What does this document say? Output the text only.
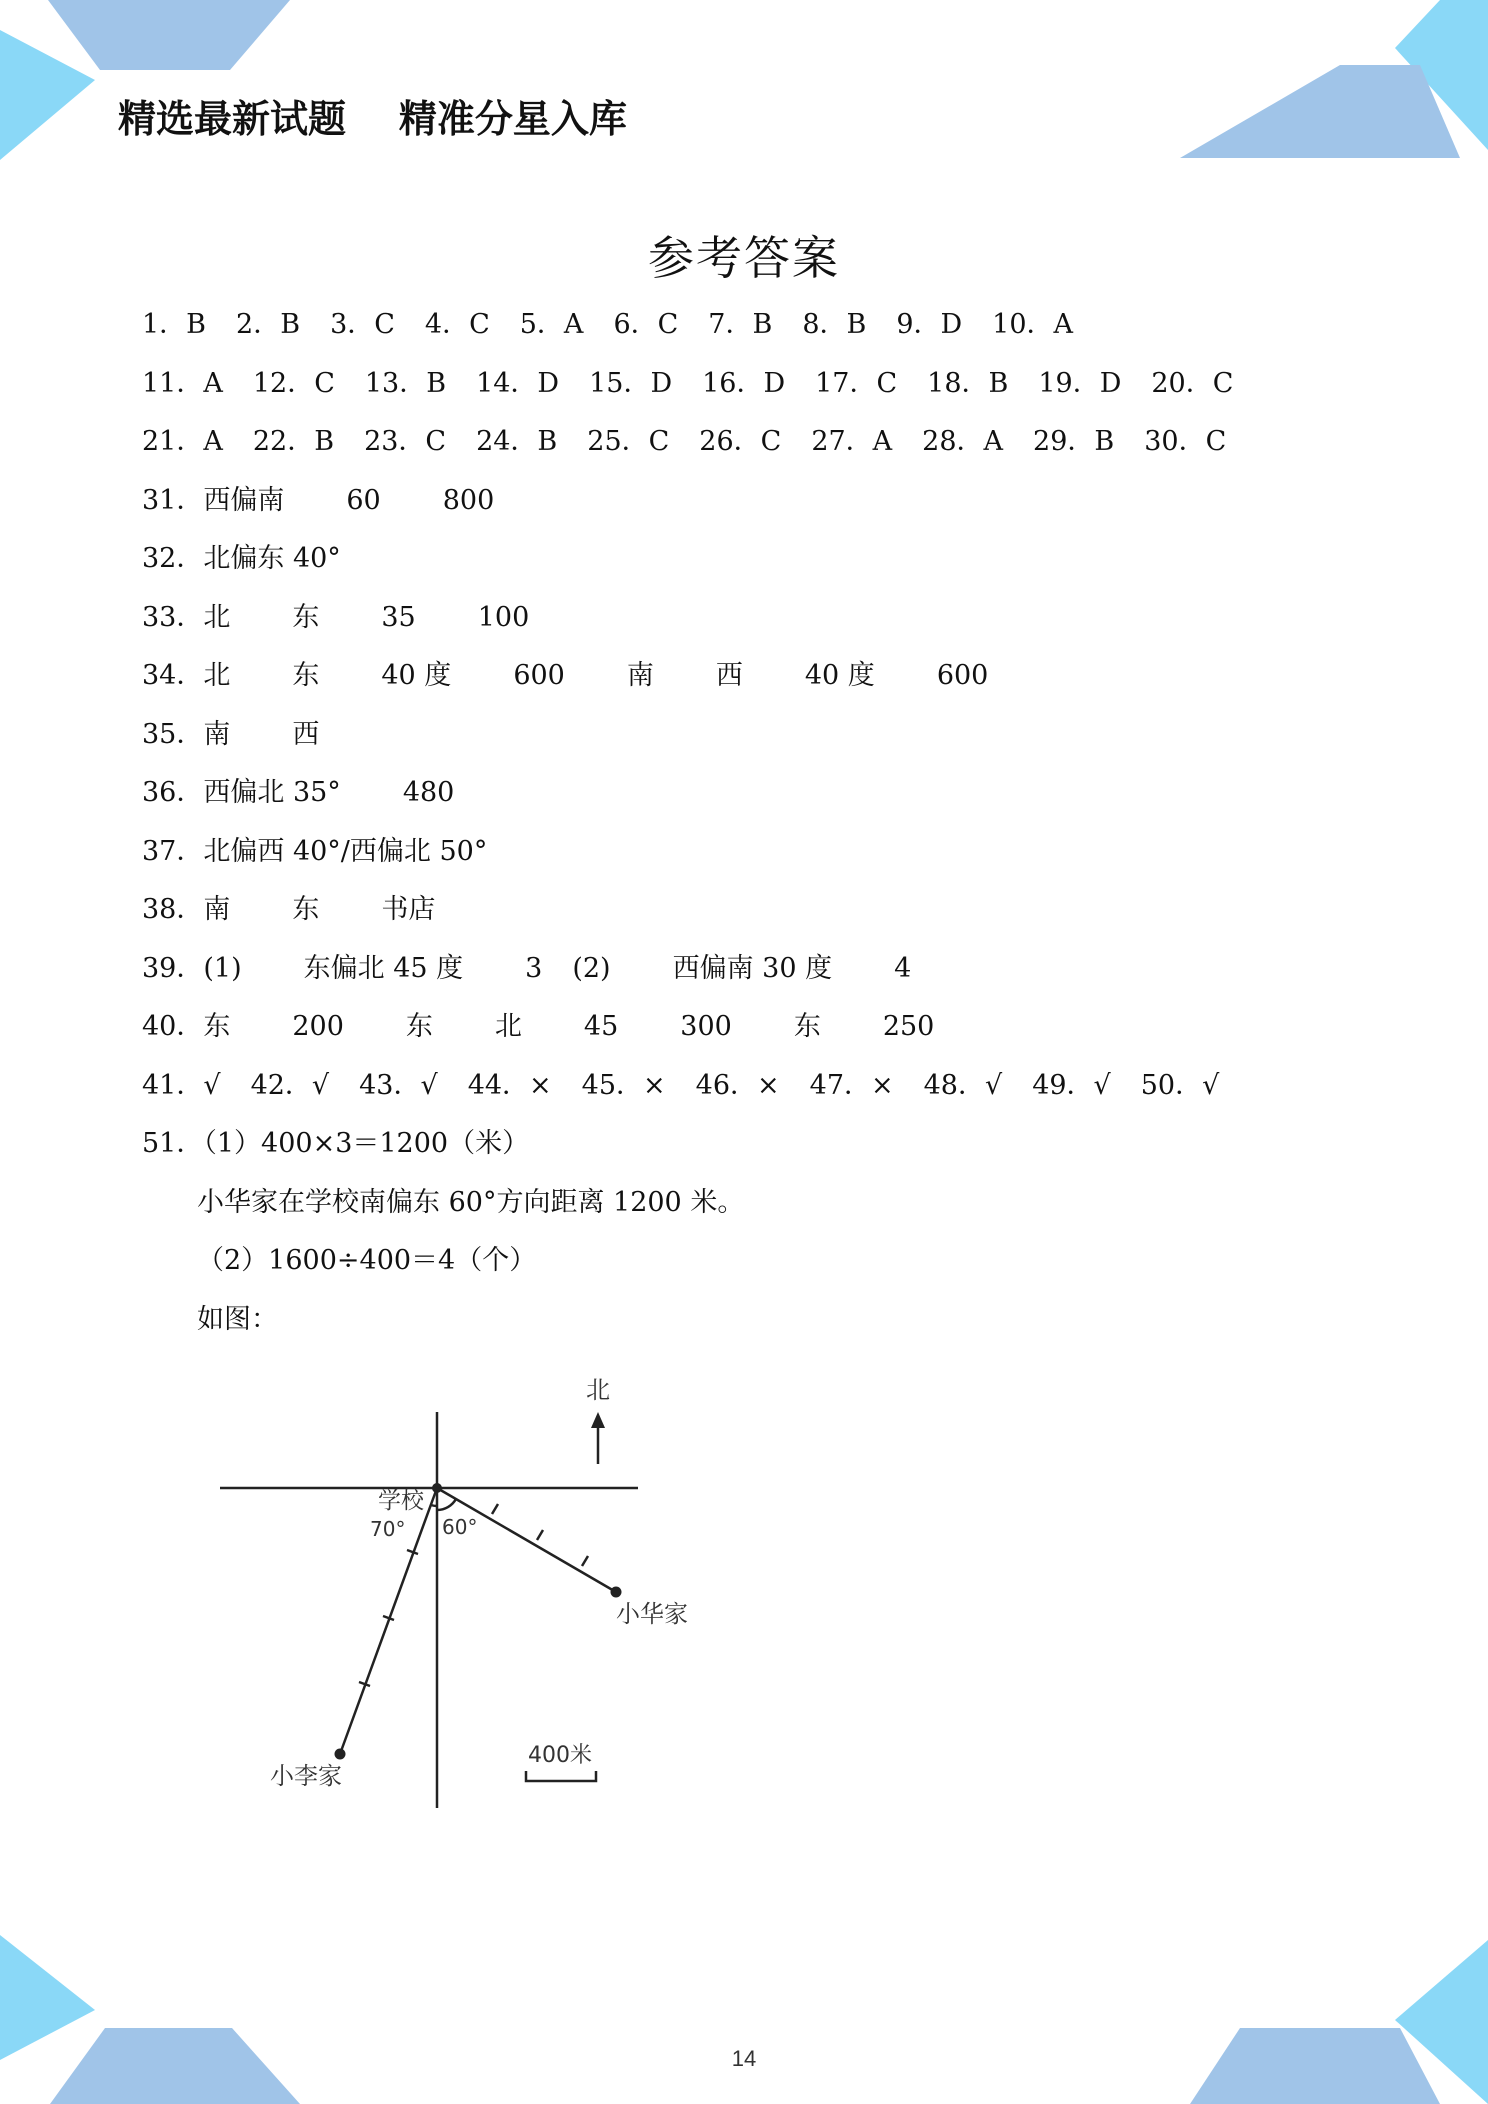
精选最新试题    精准分星入库
参考答案
1．B 2．B 3．C 4．C 5．A 6．C 7．B 8．B 9．D 10．A
11．A 12．C 13．B 14．D 15．D 16．D 17．C 18．B 19．D 20．C
21．A 22．B 23．C 24．B 25．C 26．C 27．A 28．A 29．B 30．C
31．西偏南 60 800
32．北偏东 40°
33．北 东 35 100
34．北 东 40 度 600 南 西 40 度 600
35．南 西
36．西偏北 35° 480
37．北偏西 40°/西偏北 50°
38．南 东 书店
39．(1) 东偏北 45 度 3 (2) 西偏南 30 度 4
40．东 200 东 北 45 300 东 250
41．√ 42．√ 43．√ 44．× 45．× 46．× 47．× 48．√ 49．√ 50．√
51．（1）400×3＝1200（米）
小华家在学校南偏东 60°方向距离 1200 米。
（2）1600÷400＝4（个）
如图：
北
学校
70° 60°
小华家
小李家
400米
14
